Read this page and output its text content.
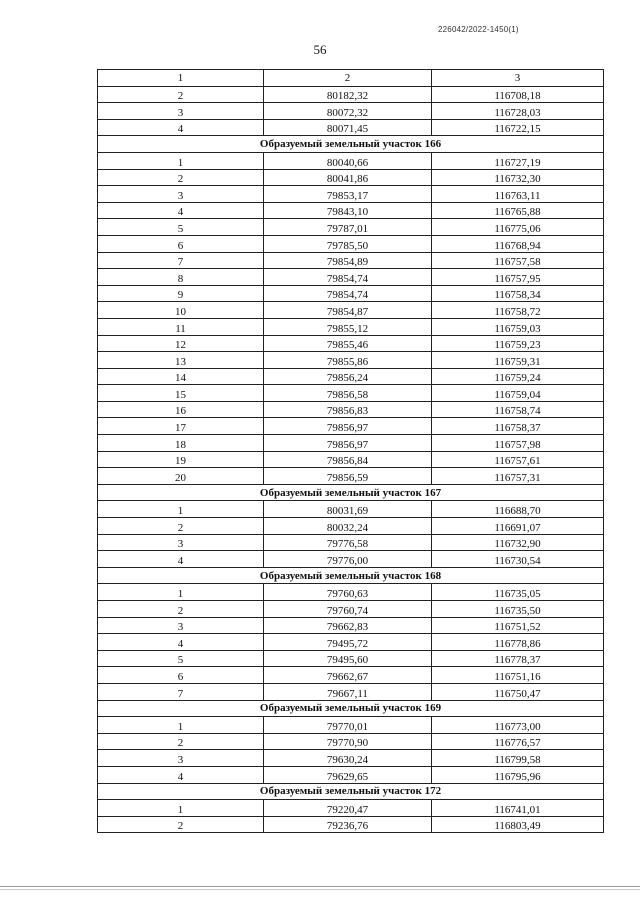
226042/2022-1450(1)
56
1	2	3
2	80182,32	116708,18
3	80072,32	116728,03
4	80071,45	116722,15
Образуемый земельный участок 166		
1	80040,66	116727,19
2	80041,86	116732,30
3	79853,17	116763,11
4	79843,10	116765,88
5	79787,01	116775,06
6	79785,50	116768,94
7	79854,89	116757,58
8	79854,74	116757,95
9	79854,74	116758,34
10	79854,87	116758,72
11	79855,12	116759,03
12	79855,46	116759,23
13	79855,86	116759,31
14	79856,24	116759,24
15	79856,58	116759,04
16	79856,83	116758,74
17	79856,97	116758,37
18	79856,97	116757,98
19	79856,84	116757,61
20	79856,59	116757,31
Образуемый земельный участок 167		
1	80031,69	116688,70
2	80032,24	116691,07
3	79776,58	116732,90
4	79776,00	116730,54
Образуемый земельный участок 168		
1	79760,63	116735,05
2	79760,74	116735,50
3	79662,83	116751,52
4	79495,72	116778,86
5	79495,60	116778,37
6	79662,67	116751,16
7	79667,11	116750,47
Образуемый земельный участок 169		
1	79770,01	116773,00
2	79770,90	116776,57
3	79630,24	116799,58
4	79629,65	116795,96
Образуемый земельный участок 172		
1	79220,47	116741,01
2	79236,76	116803,49
